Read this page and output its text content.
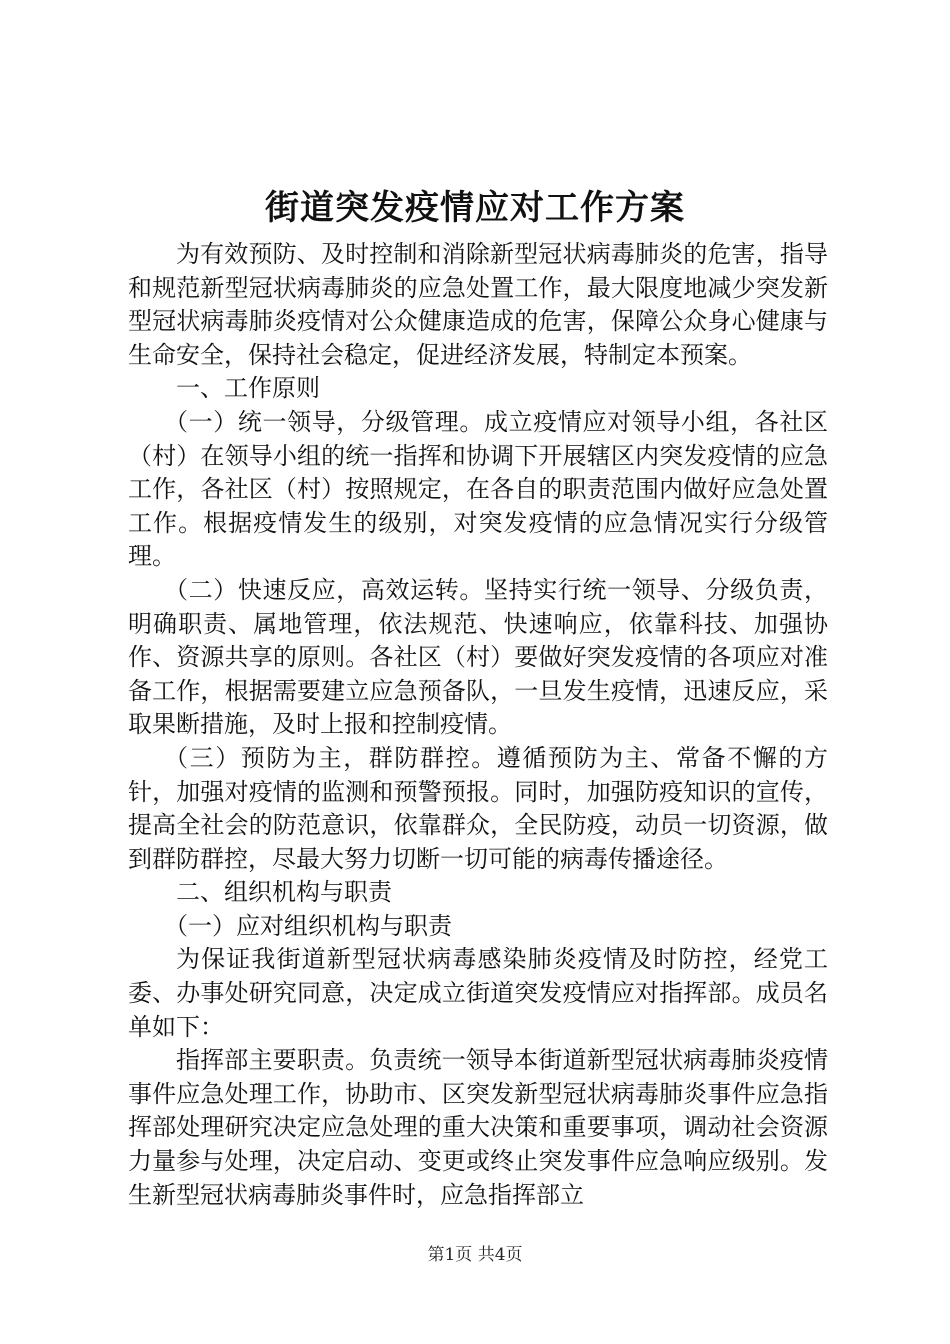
街道突发疫情应对工作方案

为有效预防、及时控制和消除新型冠状病毒肺炎的危害，指导和规范新型冠状病毒肺炎的应急处置工作，最大限度地减少突发新型冠状病毒肺炎疫情对公众健康造成的危害，保障公众身心健康与生命安全，保持社会稳定，促进经济发展，特制定本预案。

一、工作原则

（一）统一领导，分级管理。成立疫情应对领导小组，各社区（村）在领导小组的统一指挥和协调下开展辖区内突发疫情的应急工作，各社区（村）按照规定，在各自的职责范围内做好应急处置工作。根据疫情发生的级别，对突发疫情的应急情况实行分级管理。

（二）快速反应，高效运转。坚持实行统一领导、分级负责，明确职责、属地管理，依法规范、快速响应，依靠科技、加强协作、资源共享的原则。各社区（村）要做好突发疫情的各项应对准备工作，根据需要建立应急预备队，一旦发生疫情，迅速反应，采取果断措施，及时上报和控制疫情。

（三）预防为主，群防群控。遵循预防为主、常备不懈的方针，加强对疫情的监测和预警预报。同时，加强防疫知识的宣传，提高全社会的防范意识，依靠群众，全民防疫，动员一切资源，做到群防群控，尽最大努力切断一切可能的病毒传播途径。

二、组织机构与职责

（一）应对组织机构与职责

为保证我街道新型冠状病毒感染肺炎疫情及时防控，经党工委、办事处研究同意，决定成立街道突发疫情应对指挥部。成员名单如下：

指挥部主要职责。负责统一领导本街道新型冠状病毒肺炎疫情事件应急处理工作，协助市、区突发新型冠状病毒肺炎事件应急指挥部处理研究决定应急处理的重大决策和重要事项，调动社会资源力量参与处理，决定启动、变更或终止突发事件应急响应级别。发生新型冠状病毒肺炎事件时，应急指挥部立

第1页 共4页
